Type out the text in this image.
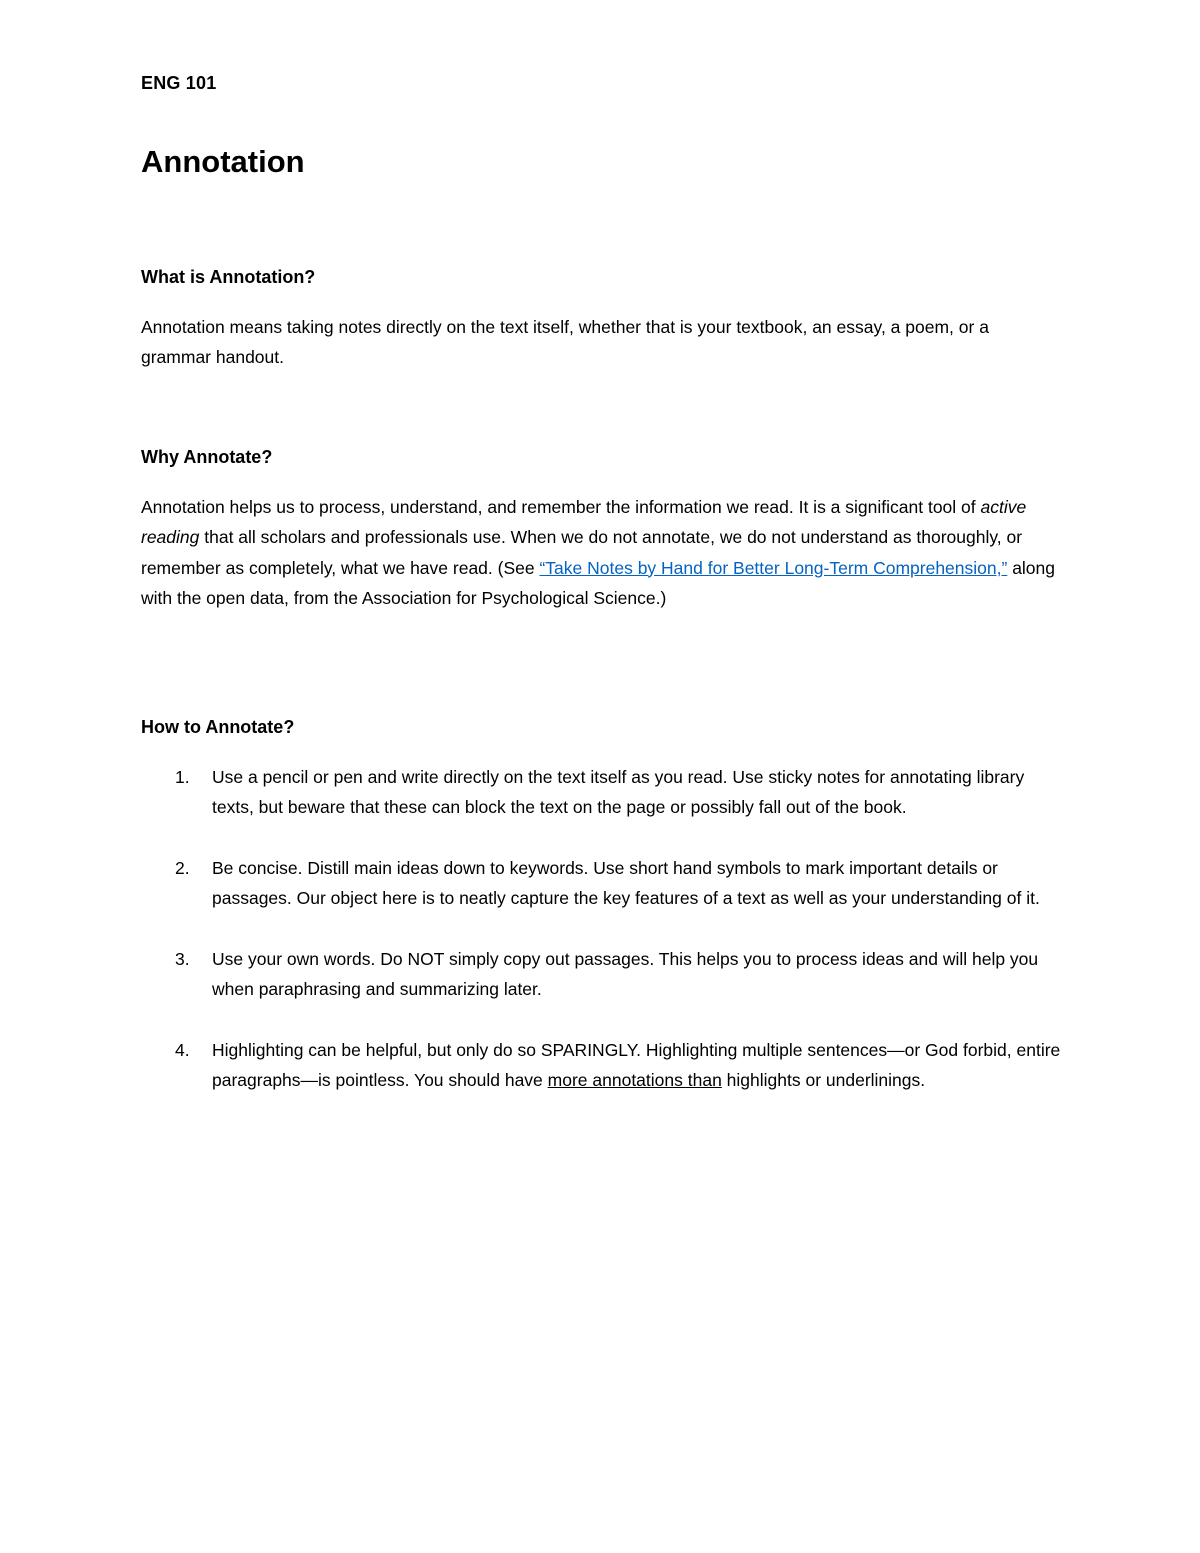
ENG 101
Annotation

What is Annotation?

Annotation means taking notes directly on the text itself, whether that is your textbook, an essay, a poem, or a grammar handout.

Why Annotate?

Annotation helps us to process, understand, and remember the information we read. It is a significant tool of active reading that all scholars and professionals use. When we do not annotate, we do not understand as thoroughly, or remember as completely, what we have read. (See “Take Notes by Hand for Better Long-Term Comprehension,” along with the open data, from the Association for Psychological Science.)

How to Annotate?

1. Use a pencil or pen and write directly on the text itself as you read. Use sticky notes for annotating library texts, but beware that these can block the text on the page or possibly fall out of the book.
2. Be concise. Distill main ideas down to keywords. Use short hand symbols to mark important details or passages. Our object here is to neatly capture the key features of a text as well as your understanding of it.
3. Use your own words. Do NOT simply copy out passages. This helps you to process ideas and will help you when paraphrasing and summarizing later.
4. Highlighting can be helpful, but only do so SPARINGLY. Highlighting multiple sentences—or God forbid, entire paragraphs—is pointless. You should have more annotations than highlights or underlinings.
